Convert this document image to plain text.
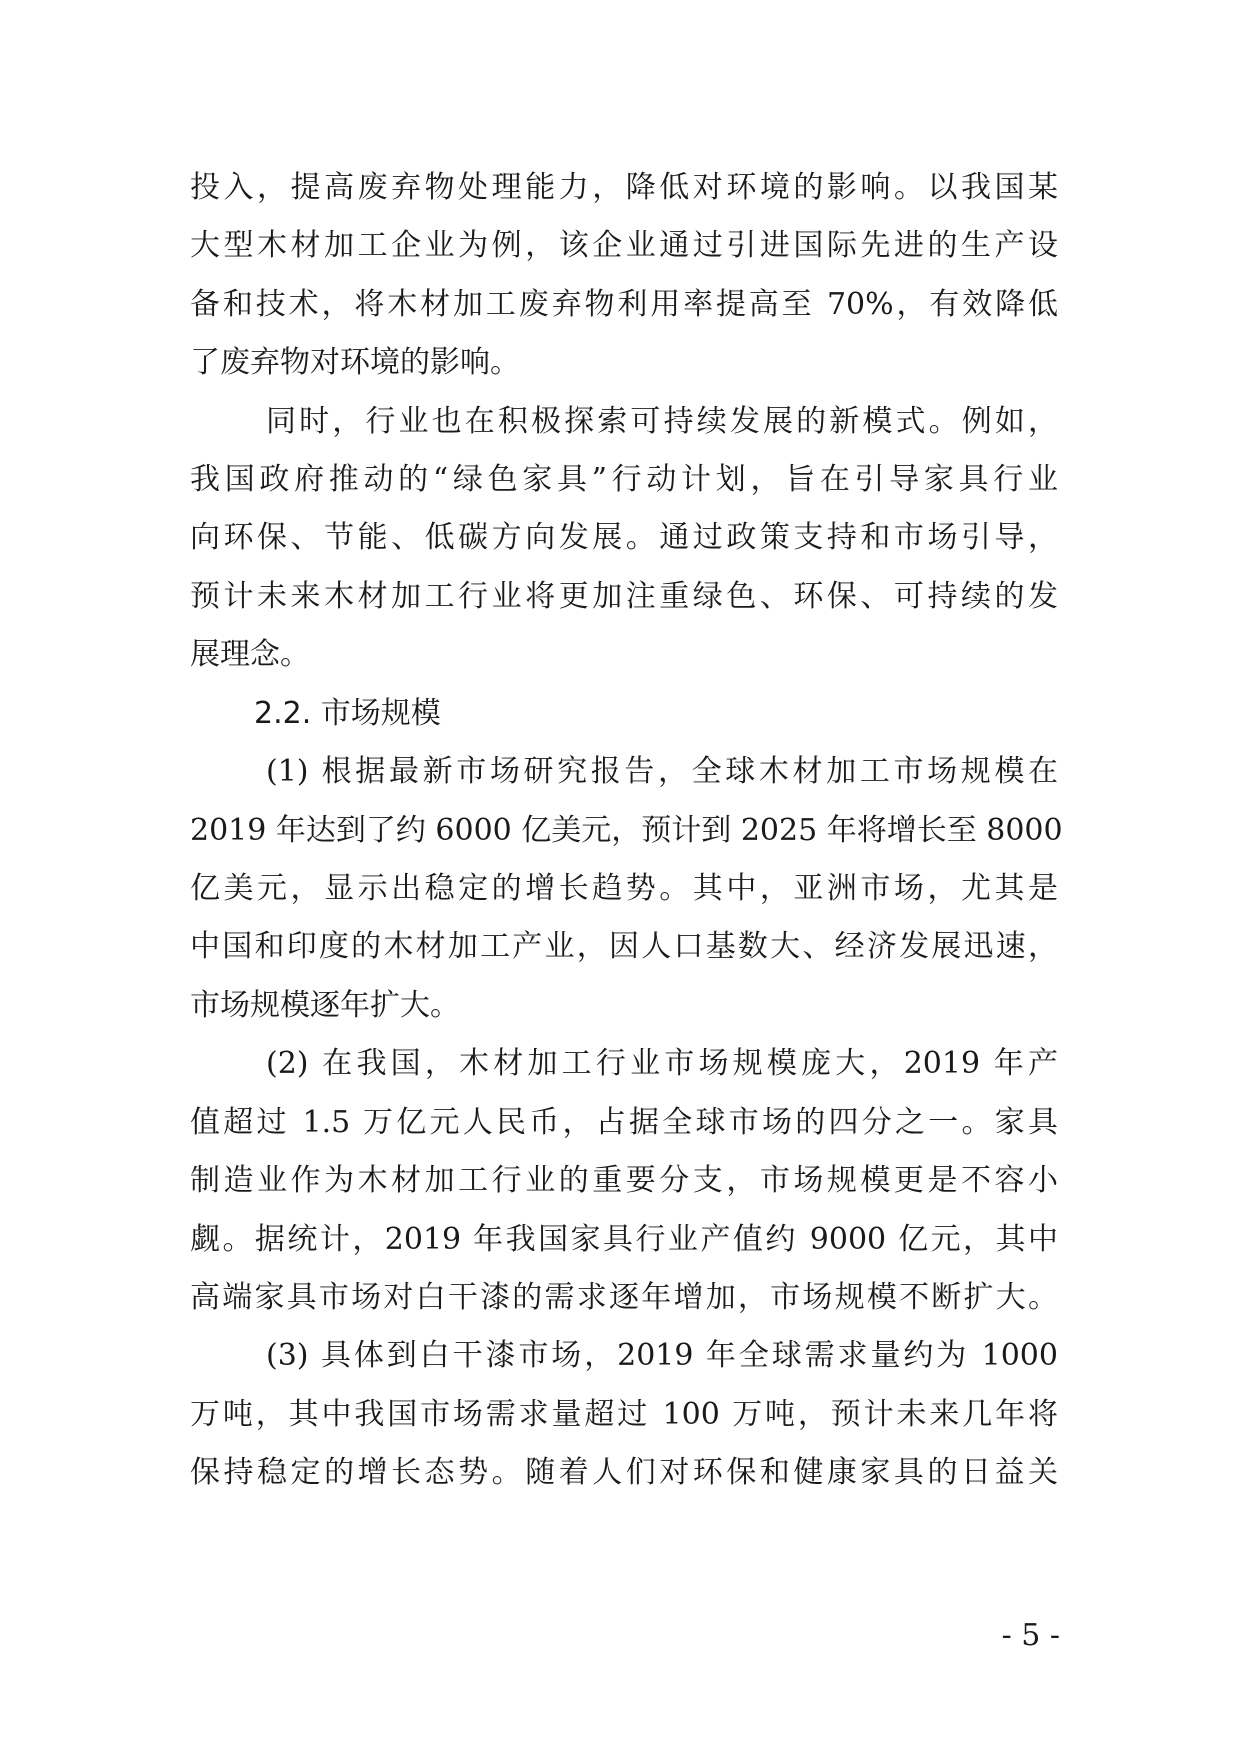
投入，提高废弃物处理能力，降低对环境的影响。以我国某
大型木材加工企业为例，该企业通过引进国际先进的生产设
备和技术，将木材加工废弃物利用率提高至 70%，有效降低
了废弃物对环境的影响。
同时，行业也在积极探索可持续发展的新模式。例如，
我国政府推动的“绿色家具”行动计划，旨在引导家具行业
向环保、节能、低碳方向发展。通过政策支持和市场引导，
预计未来木材加工行业将更加注重绿色、环保、可持续的发
展理念。
2.2. 市场规模
(1) 根据最新市场研究报告，全球木材加工市场规模在
2019 年达到了约 6000 亿美元，预计到 2025 年将增长至 8000
亿美元，显示出稳定的增长趋势。其中，亚洲市场，尤其是
中国和印度的木材加工产业，因人口基数大、经济发展迅速，
市场规模逐年扩大。
(2) 在我国，木材加工行业市场规模庞大，2019 年产
值超过 1.5 万亿元人民币，占据全球市场的四分之一。家具
制造业作为木材加工行业的重要分支，市场规模更是不容小
觑。据统计，2019 年我国家具行业产值约 9000 亿元，其中
高端家具市场对白干漆的需求逐年增加，市场规模不断扩大。
(3) 具体到白干漆市场，2019 年全球需求量约为 1000
万吨，其中我国市场需求量超过 100 万吨，预计未来几年将
保持稳定的增长态势。随着人们对环保和健康家具的日益关
- 5 -
